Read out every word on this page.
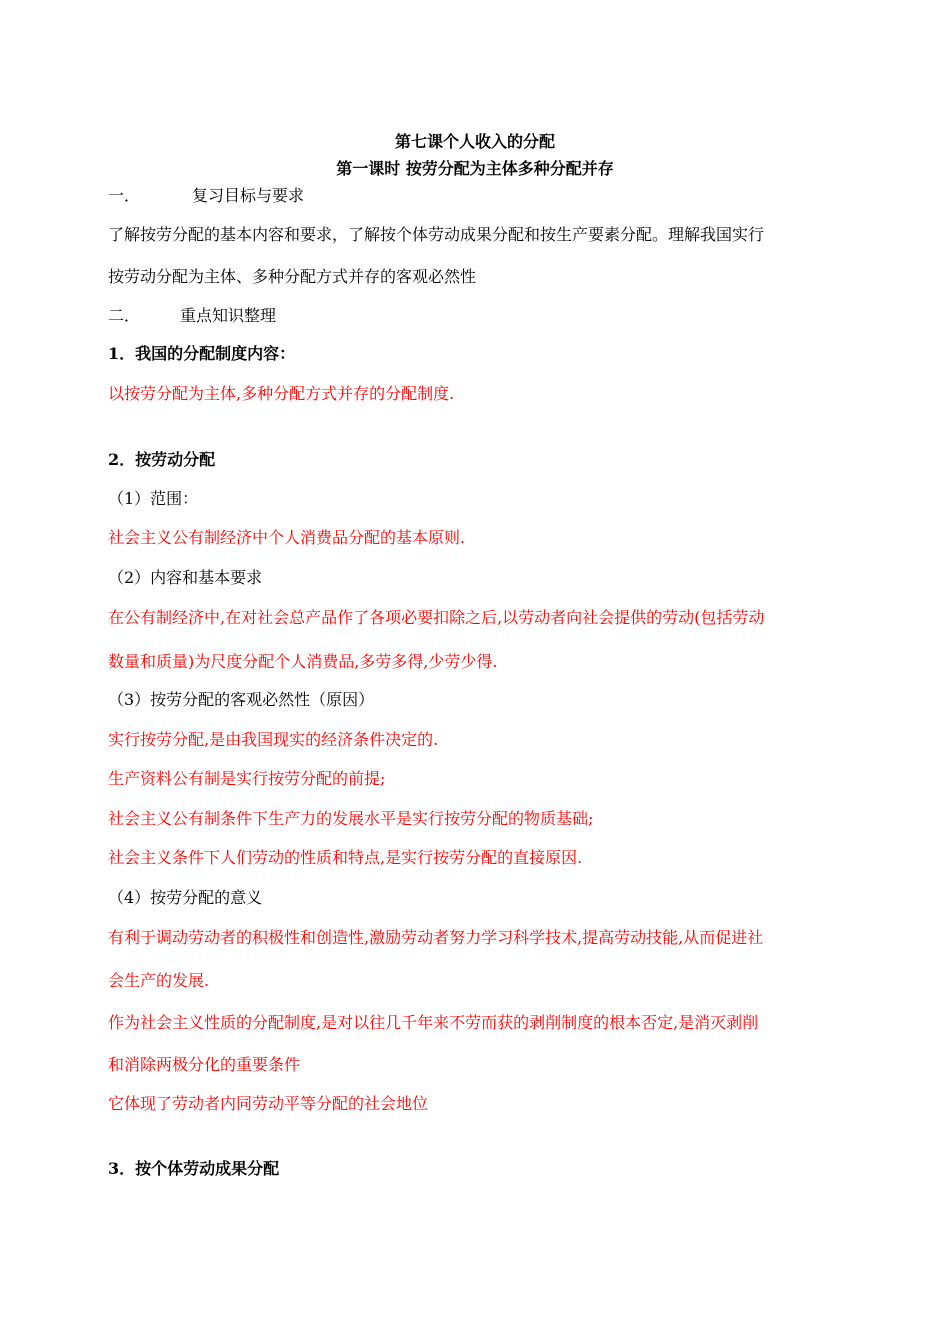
第七课个人收入的分配
第一课时 按劳分配为主体多种分配并存
一．	复习目标与要求
了解按劳分配的基本内容和要求，了解按个体劳动成果分配和按生产要素分配。理解我国实行
按劳动分配为主体、多种分配方式并存的客观必然性
二． 重点知识整理
1．我国的分配制度内容：
以按劳分配为主体,多种分配方式并存的分配制度.
2．按劳动分配
（1）范围：
社会主义公有制经济中个人消费品分配的基本原则.
（2）内容和基本要求
在公有制经济中,在对社会总产品作了各项必要扣除之后,以劳动者向社会提供的劳动(包括劳动
数量和质量)为尺度分配个人消费品,多劳多得,少劳少得.
（3）按劳分配的客观必然性（原因）
实行按劳分配,是由我国现实的经济条件决定的.
生产资料公有制是实行按劳分配的前提;
社会主义公有制条件下生产力的发展水平是实行按劳分配的物质基础;
社会主义条件下人们劳动的性质和特点,是实行按劳分配的直接原因.
（4）按劳分配的意义
有利于调动劳动者的积极性和创造性,激励劳动者努力学习科学技术,提高劳动技能,从而促进社
会生产的发展.
作为社会主义性质的分配制度,是对以往几千年来不劳而获的剥削制度的根本否定,是消灭剥削
和消除两极分化的重要条件
它体现了劳动者内同劳动平等分配的社会地位
3．按个体劳动成果分配
